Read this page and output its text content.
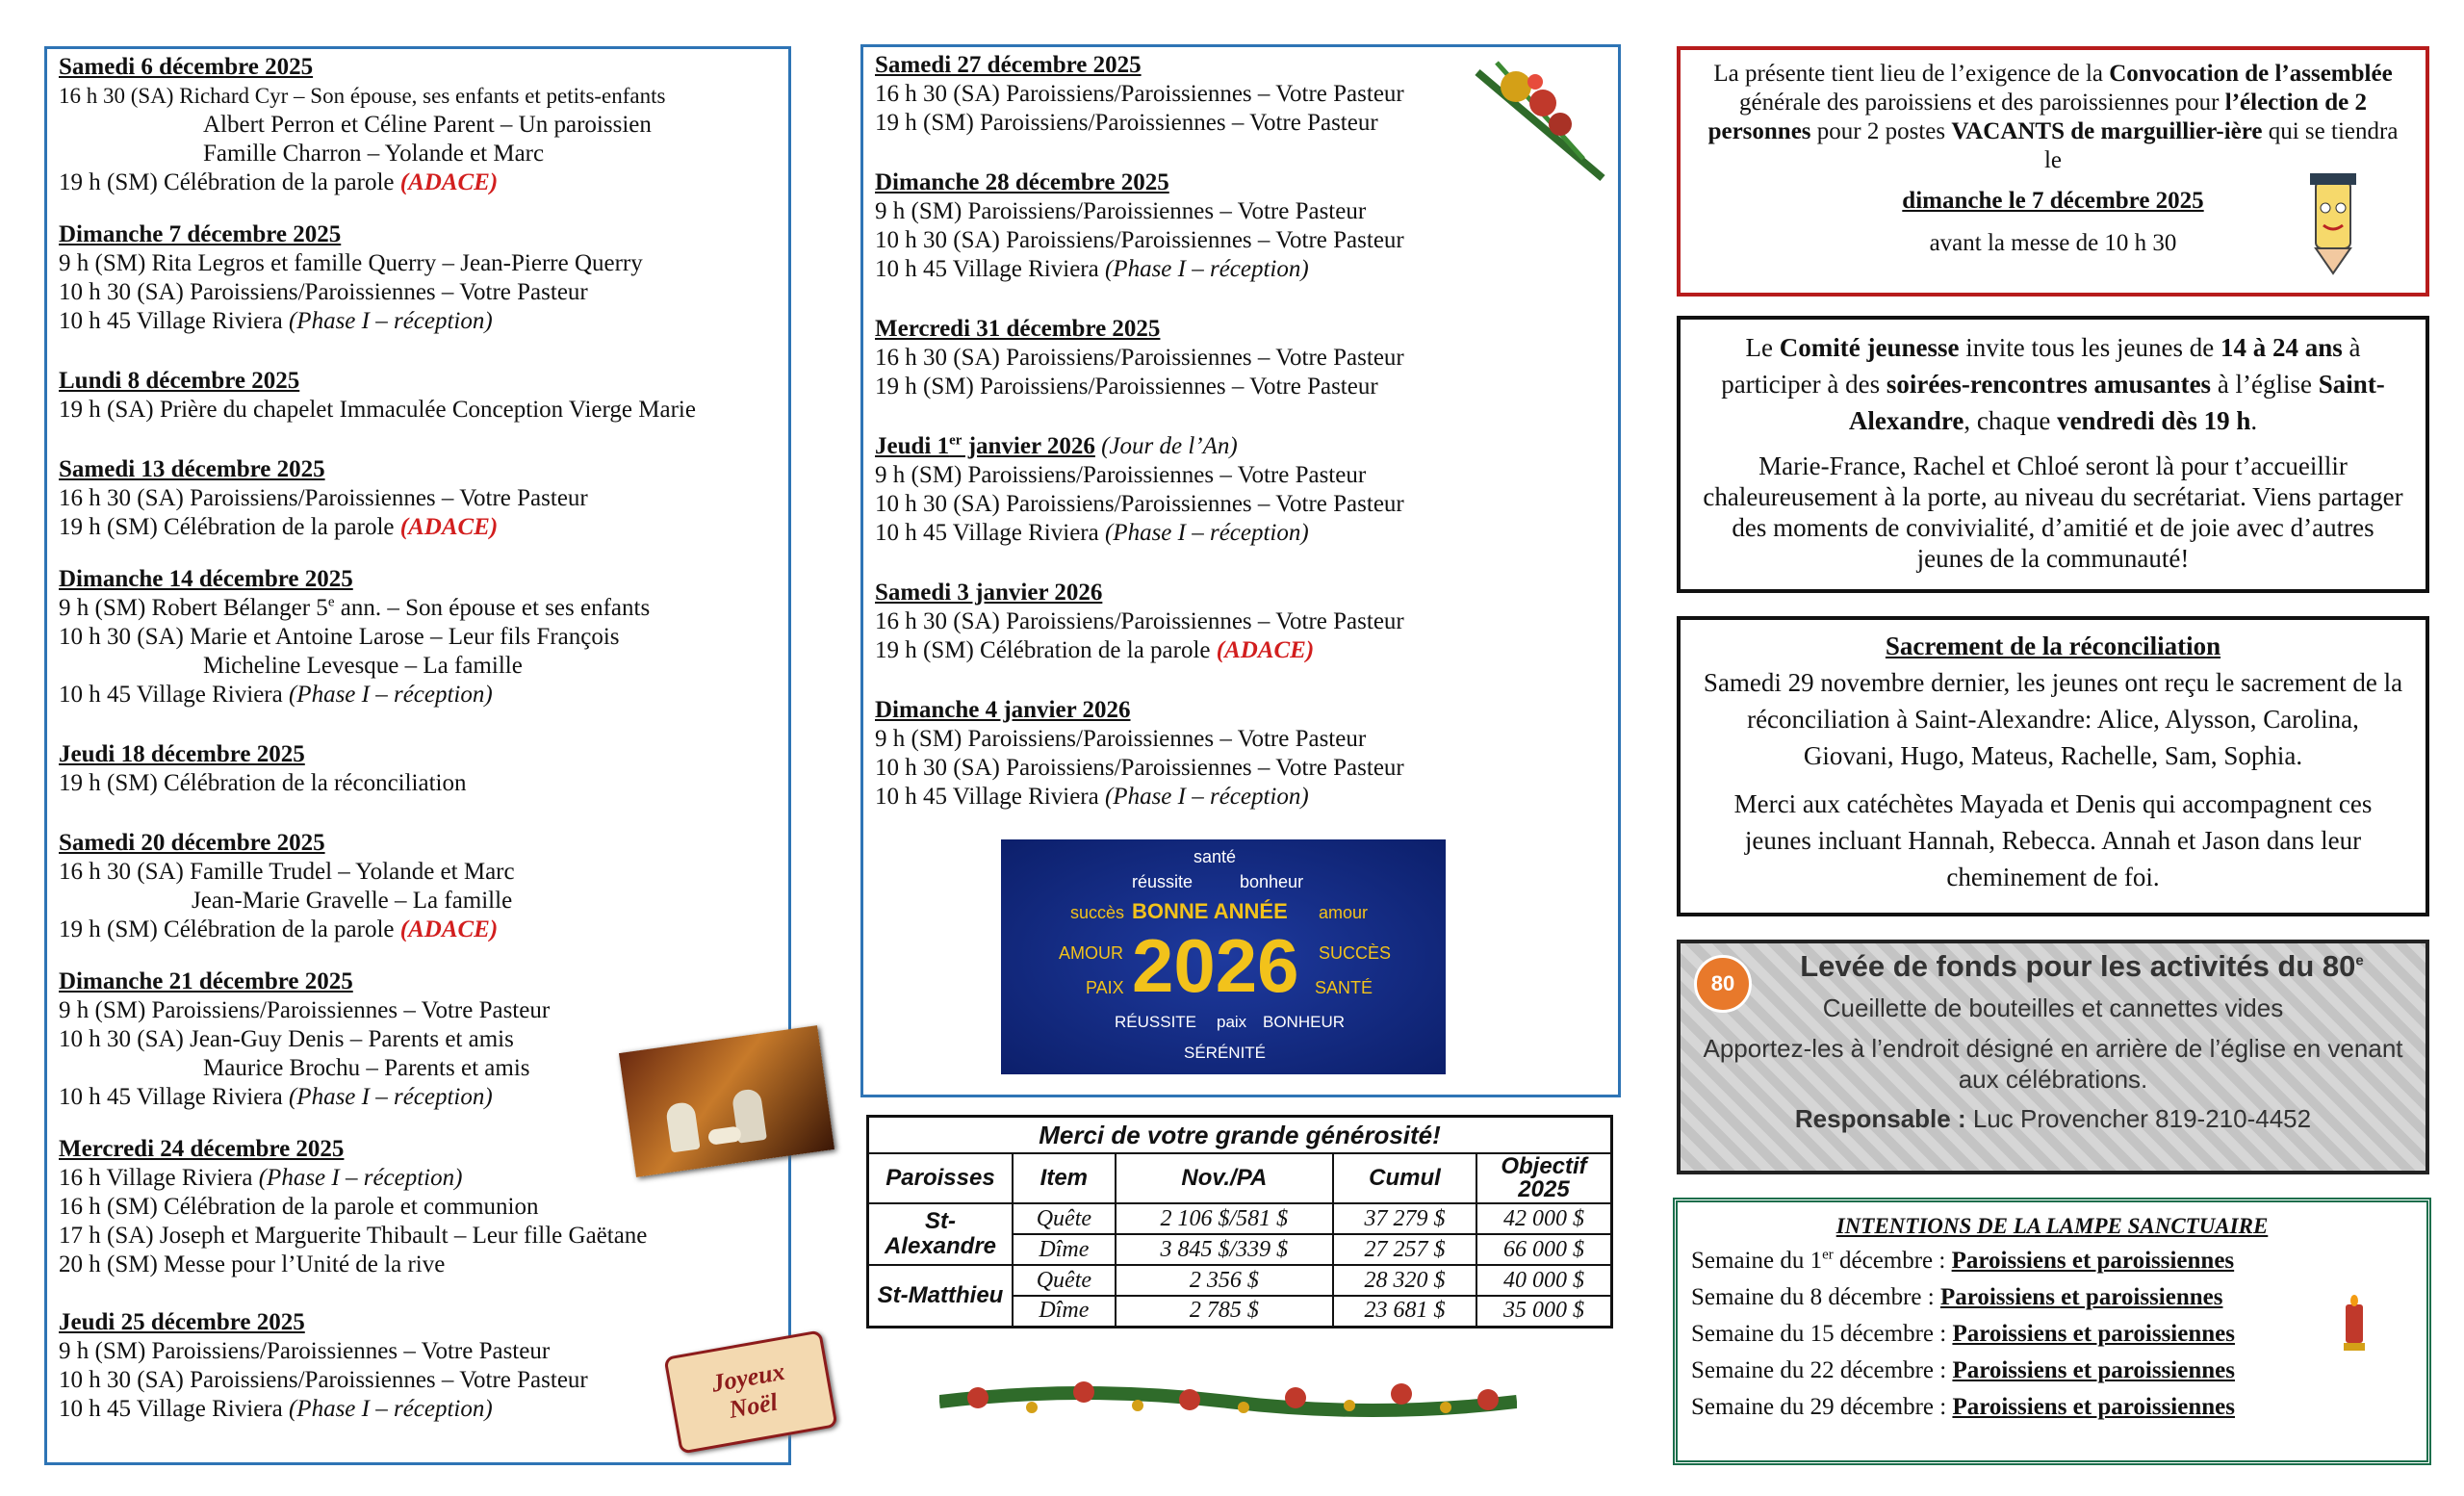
Samedi 6 décembre 2025
16 h 30 (SA) Richard Cyr – Son épouse, ses enfants et petits-enfants
Albert Perron et Céline Parent – Un paroissien
Famille Charron – Yolande et Marc
19 h (SM) Célébration de la parole (ADACE)
Dimanche 7 décembre 2025
9 h (SM) Rita Legros et famille Querry – Jean-Pierre Querry
10 h 30 (SA) Paroissiens/Paroissiennes – Votre Pasteur
10 h 45 Village Riviera (Phase I – réception)
Lundi 8 décembre 2025
19 h (SA) Prière du chapelet Immaculée Conception Vierge Marie
Samedi 13 décembre 2025
16 h 30 (SA) Paroissiens/Paroissiennes – Votre Pasteur
19 h (SM) Célébration de la parole (ADACE)
Dimanche 14 décembre 2025
9 h (SM) Robert Bélanger 5e ann. – Son épouse et ses enfants
10 h 30 (SA) Marie et Antoine Larose – Leur fils François
Micheline Levesque – La famille
10 h 45 Village Riviera (Phase I – réception)
Jeudi 18 décembre 2025
19 h (SM) Célébration de la réconciliation
Samedi 20 décembre 2025
16 h 30 (SA) Famille Trudel – Yolande et Marc
Jean-Marie Gravelle – La famille
19 h (SM) Célébration de la parole (ADACE)
Dimanche 21 décembre 2025
9 h (SM) Paroissiens/Paroissiennes – Votre Pasteur
10 h 30 (SA) Jean-Guy Denis – Parents et amis
Maurice Brochu – Parents et amis
10 h 45 Village Riviera (Phase I – réception)
Mercredi 24 décembre 2025
16 h Village Riviera (Phase I – réception)
16 h (SM) Célébration de la parole et communion
17 h (SA) Joseph et Marguerite Thibault – Leur fille Gaëtane
20 h (SM) Messe pour l’Unité de la rive
Jeudi 25 décembre 2025
9 h (SM) Paroissiens/Paroissiennes – Votre Pasteur
10 h 30 (SA) Paroissiens/Paroissiennes – Votre Pasteur
10 h 45 Village Riviera (Phase I – réception)
Joyeux Noël
Samedi 27 décembre 2025
16 h 30 (SA) Paroissiens/Paroissiennes – Votre Pasteur
19 h (SM) Paroissiens/Paroissiennes – Votre Pasteur
Dimanche 28 décembre 2025
9 h (SM) Paroissiens/Paroissiennes – Votre Pasteur
10 h 30 (SA) Paroissiens/Paroissiennes – Votre Pasteur
10 h 45 Village Riviera (Phase I – réception)
Mercredi 31 décembre 2025
16 h 30 (SA) Paroissiens/Paroissiennes – Votre Pasteur
19 h (SM) Paroissiens/Paroissiennes – Votre Pasteur
Jeudi 1er janvier 2026 (Jour de l’An)
9 h (SM) Paroissiens/Paroissiennes – Votre Pasteur
10 h 30 (SA) Paroissiens/Paroissiennes – Votre Pasteur
10 h 45 Village Riviera (Phase I – réception)
Samedi 3 janvier 2026
16 h 30 (SA) Paroissiens/Paroissiennes – Votre Pasteur
19 h (SM) Célébration de la parole (ADACE)
Dimanche 4 janvier 2026
9 h (SM) Paroissiens/Paroissiennes – Votre Pasteur
10 h 30 (SA) Paroissiens/Paroissiennes – Votre Pasteur
10 h 45 Village Riviera (Phase I – réception)
santé
réussite	bonheur
succès BONNE ANNÉE amour
AMOUR 2026 SUCCÈS
PAIX	SANTÉ
RÉUSSITE paix BONHEUR
SÉRÉNITÉ
Merci de votre grande générosité!				
Paroisses	Item	Nov./PA	Cumul	Objectif 2025
St-Alexandre	Quête	2 106 $/581 $	37 279 $	42 000 $
	Dîme	3 845 $/339 $	27 257 $	66 000 $
St-Matthieu	Quête	2 356 $	28 320 $	40 000 $
	Dîme	2 785 $	23 681 $	35 000 $
La présente tient lieu de l’exigence de la Convocation de l’assemblée générale des paroissiens et des paroissiennes pour l’élection de 2 personnes pour 2 postes VACANTS de marguillier-ière qui se tiendra le
dimanche le 7 décembre 2025
avant la messe de 10 h 30
Le Comité jeunesse invite tous les jeunes de 14 à 24 ans à participer à des soirées-rencontres amusantes à l’église Saint-Alexandre, chaque vendredi dès 19 h.
Marie-France, Rachel et Chloé seront là pour t’accueillir chaleureusement à la porte, au niveau du secrétariat. Viens partager des moments de convivialité, d’amitié et de joie avec d’autres jeunes de la communauté!
Sacrement de la réconciliation
Samedi 29 novembre dernier, les jeunes ont reçu le sacrement de la réconciliation à Saint-Alexandre: Alice, Alysson, Carolina, Giovani, Hugo, Mateus, Rachelle, Sam, Sophia.
Merci aux catéchètes Mayada et Denis qui accompagnent ces jeunes incluant Hannah, Rebecca. Annah et Jason dans leur cheminement de foi.
80
Levée de fonds pour les activités du 80e
Cueillette de bouteilles et cannettes vides
Apportez-les à l’endroit désigné en arrière de l’église en venant aux célébrations.
Responsable : Luc Provencher 819-210-4452
INTENTIONS DE LA LAMPE SANCTUAIRE
Semaine du 1er décembre : Paroissiens et paroissiennes
Semaine du 8 décembre : Paroissiens et paroissiennes
Semaine du 15 décembre : Paroissiens et paroissiennes
Semaine du 22 décembre : Paroissiens et paroissiennes
Semaine du 29 décembre : Paroissiens et paroissiennes
